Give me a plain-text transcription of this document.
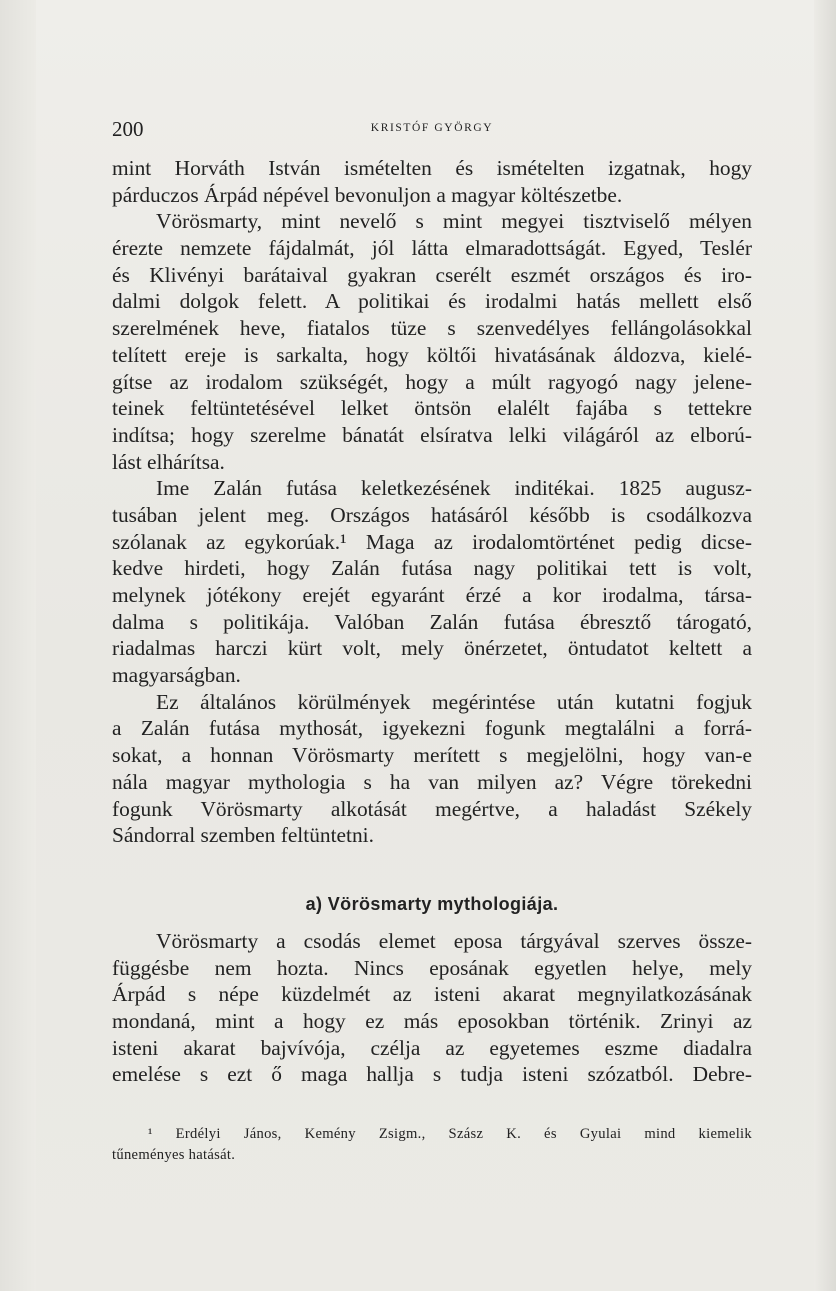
200	KRISTÓF GYÖRGY
mint Horváth István ismételten és ismételten izgatnak, hogy
párduczos Árpád népével bevonuljon a magyar költészetbe.
Vörösmarty, mint nevelő s mint megyei tisztviselő mélyen
érezte nemzete fájdalmát, jól látta elmaradottságát. Egyed, Teslér
és Klivényi barátaival gyakran cserélt eszmét országos és iro-
dalmi dolgok felett. A politikai és irodalmi hatás mellett első
szerelmének heve, fiatalos tüze s szenvedélyes fellángolásokkal
telített ereje is sarkalta, hogy költői hivatásának áldozva, kielé-
gítse az irodalom szükségét, hogy a múlt ragyogó nagy jelene-
teinek feltüntetésével lelket öntsön elalélt fajába s tettekre
indítsa; hogy szerelme bánatát elsíratva lelki világáról az elború-
lást elhárítsa.
Ime Zalán futása keletkezésének inditékai. 1825 augusz-
tusában jelent meg. Országos hatásáról később is csodálkozva
szólanak az egykorúak.¹ Maga az irodalomtörténet pedig dicse-
kedve hirdeti, hogy Zalán futása nagy politikai tett is volt,
melynek jótékony erejét egyaránt érzé a kor irodalma, társa-
dalma s politikája. Valóban Zalán futása ébresztő tárogató,
riadalmas harczi kürt volt, mely önérzetet, öntudatot keltett a
magyarságban.
Ez általános körülmények megérintése után kutatni fogjuk
a Zalán futása mythosát, igyekezni fogunk megtalálni a forrá-
sokat, a honnan Vörösmarty merített s megjelölni, hogy van-e
nála magyar mythologia s ha van milyen az? Végre törekedni
fogunk Vörösmarty alkotását megértve, a haladást Székely
Sándorral szemben feltüntetni.
a) Vörösmarty mythologiája.
Vörösmarty a csodás elemet eposa tárgyával szerves össze-
függésbe nem hozta. Nincs eposának egyetlen helye, mely
Árpád s népe küzdelmét az isteni akarat megnyilatkozásának
mondaná, mint a hogy ez más eposokban történik. Zrinyi az
isteni akarat bajvívója, czélja az egyetemes eszme diadalra
emelése s ezt ő maga hallja s tudja isteni szózatból. Debre-
¹ Erdélyi János, Kemény Zsigm., Szász K. és Gyulai mind kiemelik
tűneményes hatását.
